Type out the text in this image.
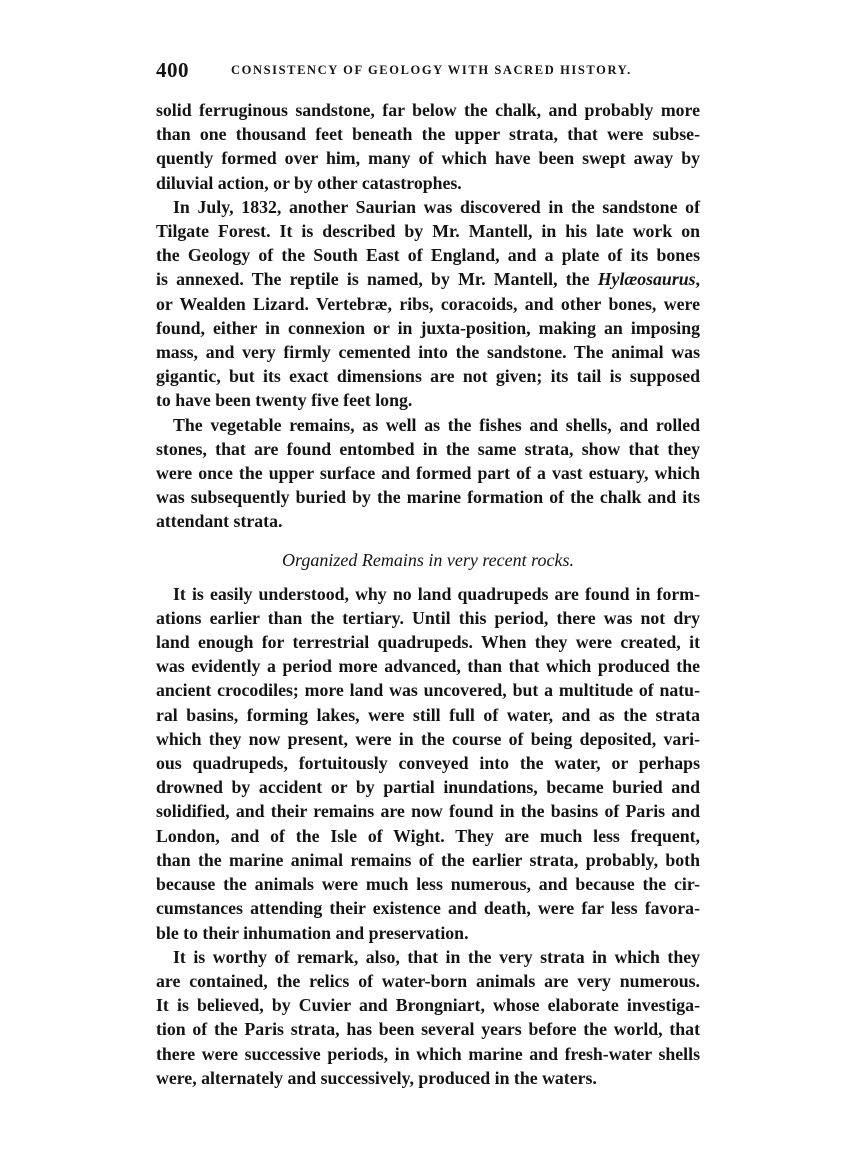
400	CONSISTENCY OF GEOLOGY WITH SACRED HISTORY.

solid ferruginous sandstone, far below the chalk, and probably more
than one thousand feet beneath the upper strata, that were subse-
quently formed over him, many of which have been swept away by
diluvial action, or by other catastrophes.

In July, 1832, another Saurian was discovered in the sandstone of
Tilgate Forest. It is described by Mr. Mantell, in his late work on
the Geology of the South East of England, and a plate of its bones
is annexed. The reptile is named, by Mr. Mantell, the Hylæosaurus,
or Wealden Lizard. Vertebræ, ribs, coracoids, and other bones, were
found, either in connexion or in juxta-position, making an imposing
mass, and very firmly cemented into the sandstone. The animal was
gigantic, but its exact dimensions are not given; its tail is supposed
to have been twenty five feet long.

The vegetable remains, as well as the fishes and shells, and rolled
stones, that are found entombed in the same strata, show that they
were once the upper surface and formed part of a vast estuary, which
was subsequently buried by the marine formation of the chalk and its
attendant strata.

Organized Remains in very recent rocks.

It is easily understood, why no land quadrupeds are found in form-
ations earlier than the tertiary. Until this period, there was not dry
land enough for terrestrial quadrupeds. When they were created, it
was evidently a period more advanced, than that which produced the
ancient crocodiles; more land was uncovered, but a multitude of natu-
ral basins, forming lakes, were still full of water, and as the strata
which they now present, were in the course of being deposited, vari-
ous quadrupeds, fortuitously conveyed into the water, or perhaps
drowned by accident or by partial inundations, became buried and
solidified, and their remains are now found in the basins of Paris and
London, and of the Isle of Wight. They are much less frequent,
than the marine animal remains of the earlier strata, probably, both
because the animals were much less numerous, and because the cir-
cumstances attending their existence and death, were far less favora-
ble to their inhumation and preservation.

It is worthy of remark, also, that in the very strata in which they
are contained, the relics of water-born animals are very numerous.
It is believed, by Cuvier and Brongniart, whose elaborate investiga-
tion of the Paris strata, has been several years before the world, that
there were successive periods, in which marine and fresh-water shells
were, alternately and successively, produced in the waters.
